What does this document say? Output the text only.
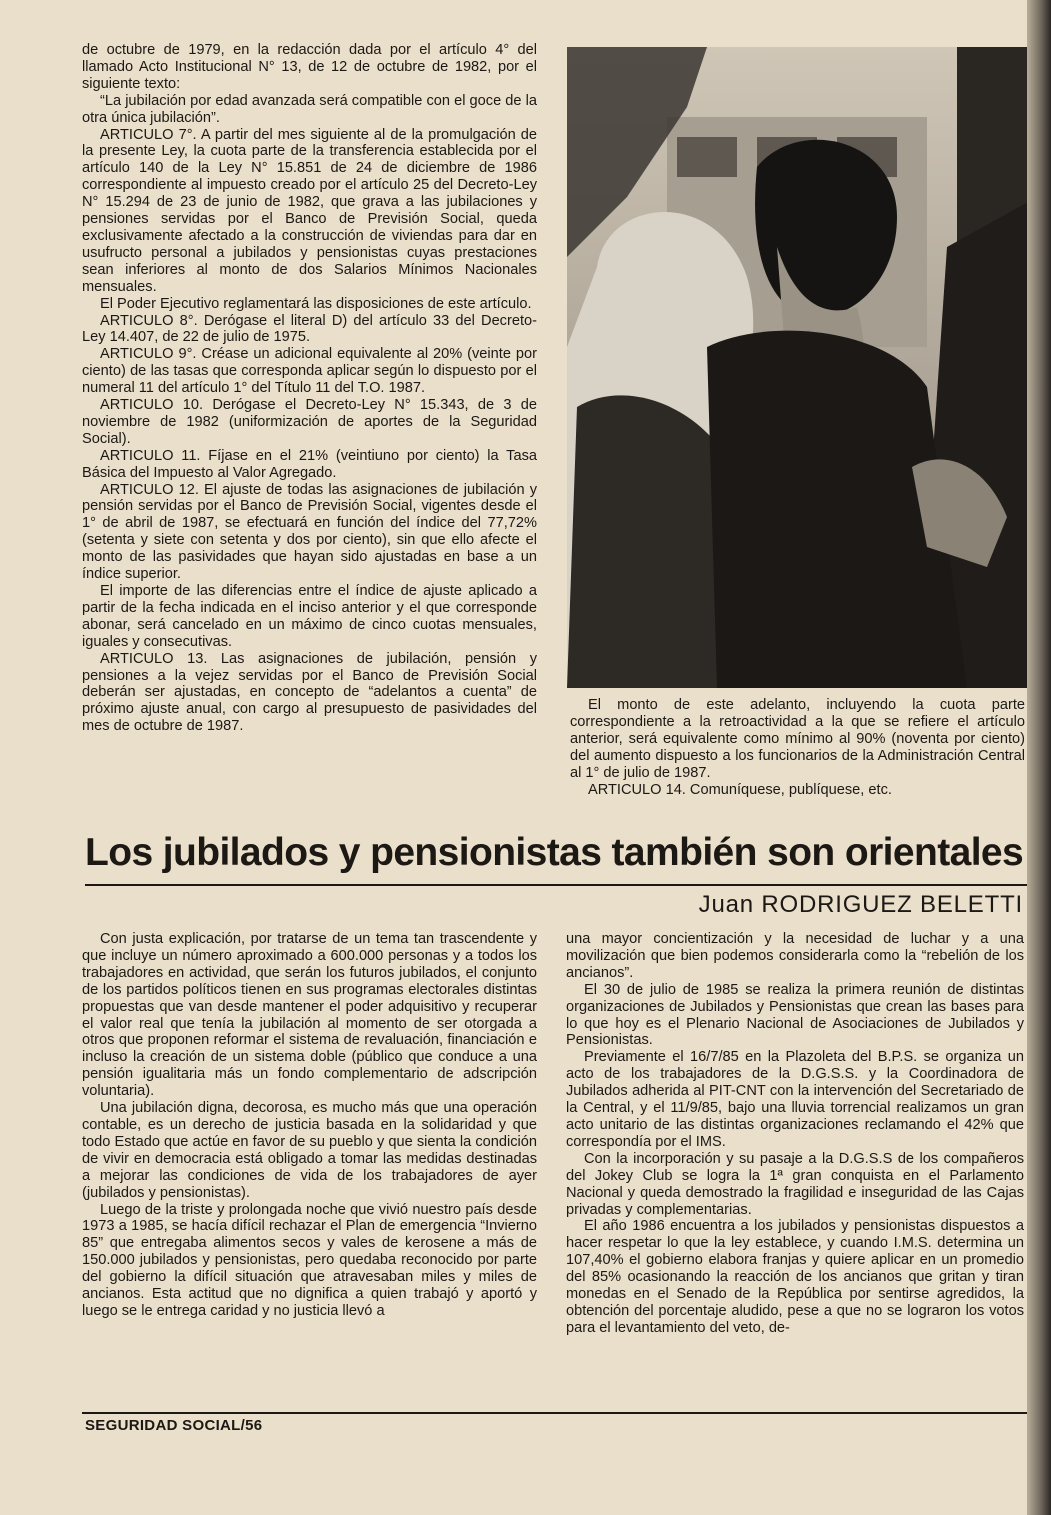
de octubre de 1979, en la redacción dada por el artículo 4° del llamado Acto Institucional N° 13, de 12 de octubre de 1982, por el siguiente texto:

“La jubilación por edad avanzada será compatible con el goce de la otra única jubilación”.

ARTICULO 7°. A partir del mes siguiente al de la promulgación de la presente Ley, la cuota parte de la transferencia establecida por el artículo 140 de la Ley N° 15.851 de 24 de diciembre de 1986 correspondiente al impuesto creado por el artículo 25 del Decreto-Ley N° 15.294 de 23 de junio de 1982, que grava a las jubilaciones y pensiones servidas por el Banco de Previsión Social, queda exclusivamente afectado a la construcción de viviendas para dar en usufructo personal a jubilados y pensionistas cuyas prestaciones sean inferiores al monto de dos Salarios Mínimos Nacionales mensuales.

El Poder Ejecutivo reglamentará las disposiciones de este artículo.

ARTICULO 8°. Derógase el literal D) del artículo 33 del Decreto-Ley 14.407, de 22 de julio de 1975.

ARTICULO 9°. Créase un adicional equivalente al 20% (veinte por ciento) de las tasas que corresponda aplicar según lo dispuesto por el numeral 11 del artículo 1° del Título 11 del T.O. 1987.

ARTICULO 10. Derógase el Decreto-Ley N° 15.343, de 3 de noviembre de 1982 (uniformización de aportes de la Seguridad Social).

ARTICULO 11. Fíjase en el 21% (veintiuno por ciento) la Tasa Básica del Impuesto al Valor Agregado.

ARTICULO 12. El ajuste de todas las asignaciones de jubilación y pensión servidas por el Banco de Previsión Social, vigentes desde el 1° de abril de 1987, se efectuará en función del índice del 77,72% (setenta y siete con setenta y dos por ciento), sin que ello afecte el monto de las pasividades que hayan sido ajustadas en base a un índice superior.

El importe de las diferencias entre el índice de ajuste aplicado a partir de la fecha indicada en el inciso anterior y el que corresponde abonar, será cancelado en un máximo de cinco cuotas mensuales, iguales y consecutivas.

ARTICULO 13. Las asignaciones de jubilación, pensión y pensiones a la vejez servidas por el Banco de Previsión Social deberán ser ajustadas, en concepto de “adelantos a cuenta” de próximo ajuste anual, con cargo al presupuesto de pasividades del mes de octubre de 1987.

El monto de este adelanto, incluyendo la cuota parte correspondiente a la retroactividad a la que se refiere el artículo anterior, será equivalente como mínimo al 90% (noventa por ciento) del aumento dispuesto a los funcionarios de la Administración Central al 1° de julio de 1987.

ARTICULO 14. Comuníquese, publíquese, etc.

Los jubilados y pensionistas también son orientales
Juan RODRIGUEZ BELETTI

Con justa explicación, por tratarse de un tema tan trascendente y que incluye un número aproximado a 600.000 personas y a todos los trabajadores en actividad, que serán los futuros jubilados, el conjunto de los partidos políticos tienen en sus programas electorales distintas propuestas que van desde mantener el poder adquisitivo y recuperar el valor real que tenía la jubilación al momento de ser otorgada a otros que proponen reformar el sistema de revaluación, financiación e incluso la creación de un sistema doble (público que conduce a una pensión igualitaria más un fondo complementario de adscripción voluntaria).

Una jubilación digna, decorosa, es mucho más que una operación contable, es un derecho de justicia basada en la solidaridad y que todo Estado que actúe en favor de su pueblo y que sienta la condición de vivir en democracia está obligado a tomar las medidas destinadas a mejorar las condiciones de vida de los trabajadores de ayer (jubilados y pensionistas).

Luego de la triste y prolongada noche que vivió nuestro país desde 1973 a 1985, se hacía difícil rechazar el Plan de emergencia “Invierno 85” que entregaba alimentos secos y vales de kerosene a más de 150.000 jubilados y pensionistas, pero quedaba reconocido por parte del gobierno la difícil situación que atravesaban miles y miles de ancianos. Esta actitud que no dignifica a quien trabajó y aportó y luego se le entrega caridad y no justicia llevó a

una mayor concientización y la necesidad de luchar y a una movilización que bien podemos considerarla como la “rebelión de los ancianos”.

El 30 de julio de 1985 se realiza la primera reunión de distintas organizaciones de Jubilados y Pensionistas que crean las bases para lo que hoy es el Plenario Nacional de Asociaciones de Jubilados y Pensionistas.

Previamente el 16/7/85 en la Plazoleta del B.P.S. se organiza un acto de los trabajadores de la D.G.S.S. y la Coordinadora de Jubilados adherida al PIT-CNT con la intervención del Secretariado de la Central, y el 11/9/85, bajo una lluvia torrencial realizamos un gran acto unitario de las distintas organizaciones reclamando el 42% que correspondía por el IMS.

Con la incorporación y su pasaje a la D.G.S.S de los compañeros del Jokey Club se logra la 1ª gran conquista en el Parlamento Nacional y queda demostrado la fragilidad e inseguridad de las Cajas privadas y complementarias.

El año 1986 encuentra a los jubilados y pensionistas dispuestos a hacer respetar lo que la ley establece, y cuando I.M.S. determina un 107,40% el gobierno elabora franjas y quiere aplicar en un promedio del 85% ocasionando la reacción de los ancianos que gritan y tiran monedas en el Senado de la República por sentirse agredidos, la obtención del porcentaje aludido, pese a que no se lograron los votos para el levantamiento del veto, de-

SEGURIDAD SOCIAL/56
